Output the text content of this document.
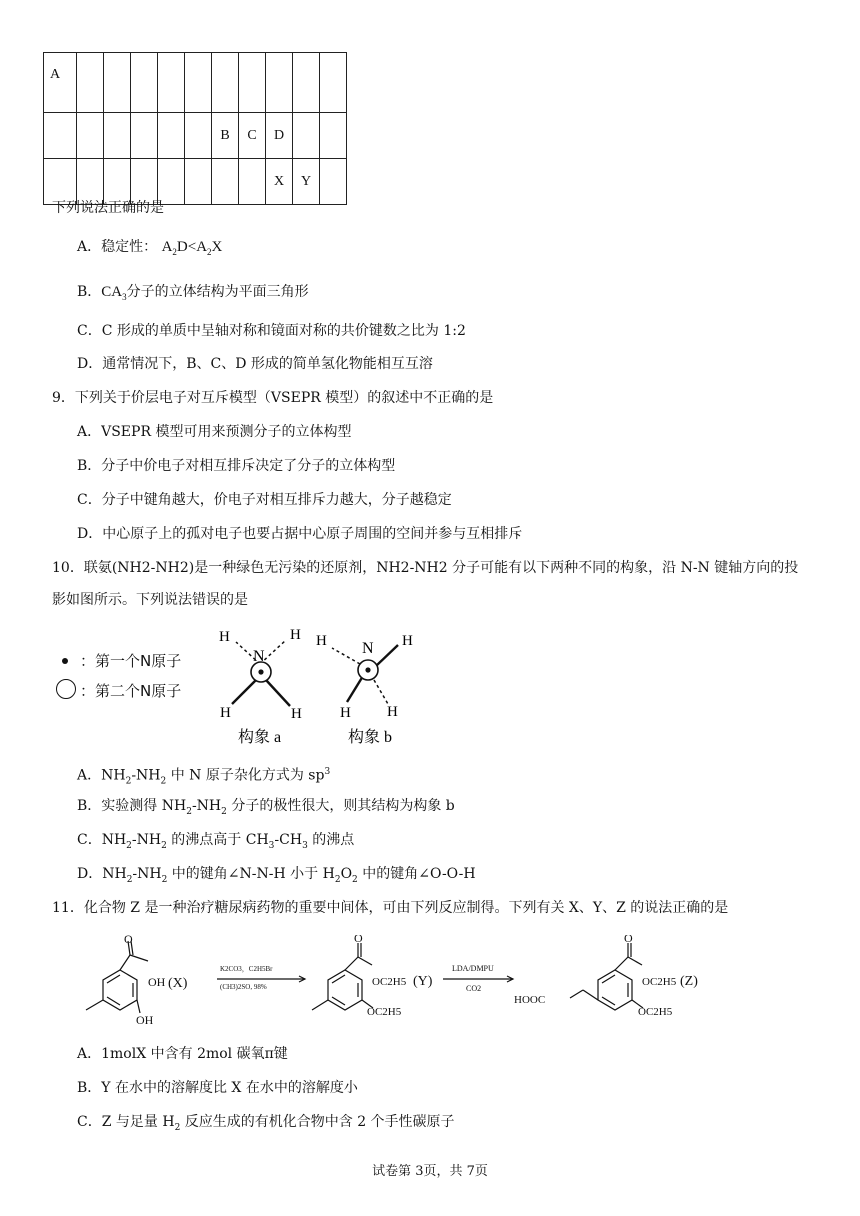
A										
						B	C	D		
								X	Y	
下列说法正确的是
A．稳定性： $A_2D<A_2X$
B．$CA_3$分子的立体结构为平面三角形
C．C 形成的单质中呈轴对称和镜面对称的共价键数之比为 1:2
D．通常情况下，B、C、D 形成的简单氢化物能相互互溶
9．下列关于价层电子对互斥模型（VSEPR 模型）的叙述中不正确的是
A．VSEPR 模型可用来预测分子的立体构型
B．分子中价电子对相互排斥决定了分子的立体构型
C．分子中键角越大，价电子对相互排斥力越大，分子越稳定
D．中心原子上的孤对电子也要占据中心原子周围的空间并参与互相排斥
10．联氨(NH2-NH2)是一种绿色无污染的还原剂，NH2-NH2 分子可能有以下两种不同的构象，沿 N-N 键轴方向的投
影如图所示。下列说法错误的是
：第一个N原子
：第二个N原子
N
H	H
H	H
构象 a
N
H	H
H H
构象 b
A．$NH_2-NH_2$ 中 N 原子杂化方式为 $sp^3$
B．实验测得 $NH_2-NH_2$ 分子的极性很大，则其结构为构象 b
C．$NH_2-NH_2$ 的沸点高于 $CH_3-CH_3$ 的沸点
D．$NH_2-NH_2$ 中的键角∠N-N-H 小于 $H_2O_2$ 中的键角∠O-O-H
11．化合物 Z 是一种治疗糖尿病药物的重要中间体，可由下列反应制得。下列有关 X、Y、Z 的说法正确的是
O
OH (X)
OH
K2CO3，C2H5Br
(CH3)2SO, 98%
O
OC2H5 (Y)
OC2H5
LDA/DMPU
CO2
O
OC2H5 (Z)
OC2H5
HOOC
A．1molX 中含有 2mol 碳氧π键
B．Y 在水中的溶解度比 X 在水中的溶解度小
C．Z 与足量 $H_2$ 反应生成的有机化合物中含 2 个手性碳原子
试卷第 3页，共 7页
